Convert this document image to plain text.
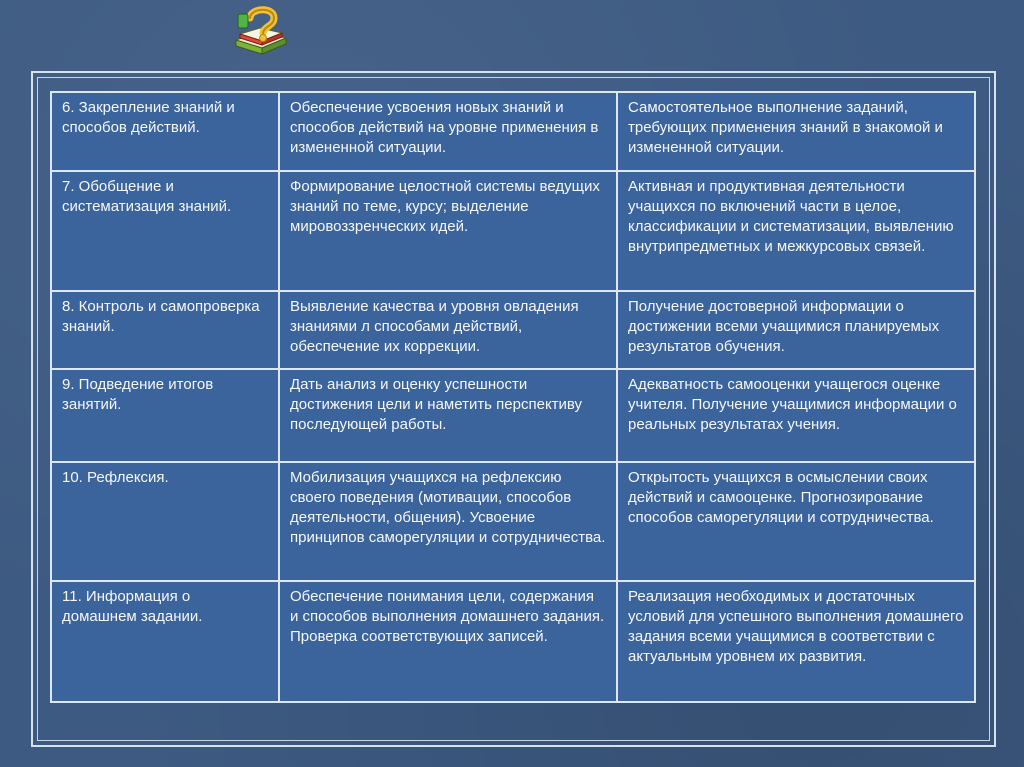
6. Закрепление знаний и способов действий.	Обеспечение усвоения новых знаний и способов действий на уровне применения в измененной ситуации.	Самостоятельное выполнение заданий, требующих применения знаний в знакомой и измененной ситуации.
7. Обобщение и систематизация знаний.	Формирование целостной системы ведущих знаний по теме, курсу; выделение мировоззренческих идей.	Активная и продуктивная деятельности учащихся по включений части в целое, классификации и систематизации, выявлению внутрипредметных и межкурсовых связей.
8. Контроль и самопроверка знаний.	Выявление качества и уровня овладения знаниями л способами действий, обеспечение их коррекции.	Получение достоверной информации о достижении всеми учащимися планируемых результатов обучения.
9. Подведение итогов занятий.	Дать анализ и оценку успешности достижения цели и наметить перспективу последующей работы.	Адекватность самооценки учащегося оценке учителя. Получение учащимися информации о реальных результатах учения.
10. Рефлексия.	Мобилизация учащихся на рефлексию своего поведения (мотивации, способов деятельности, общения). Усвоение принципов саморегуляции и сотрудничества.	Открытость учащихся в осмыслении своих действий и самооценке. Прогнозирование способов саморегуляции и сотрудничества.
11. Информация о домашнем задании.	Обеспечение понимания цели, содержания и способов выполнения домашнего задания. Проверка соответствующих записей.	Реализация необходимых и достаточных условий для успешного выполнения домашнего задания всеми учащимися в соответствии с актуальным уровнем их развития.
